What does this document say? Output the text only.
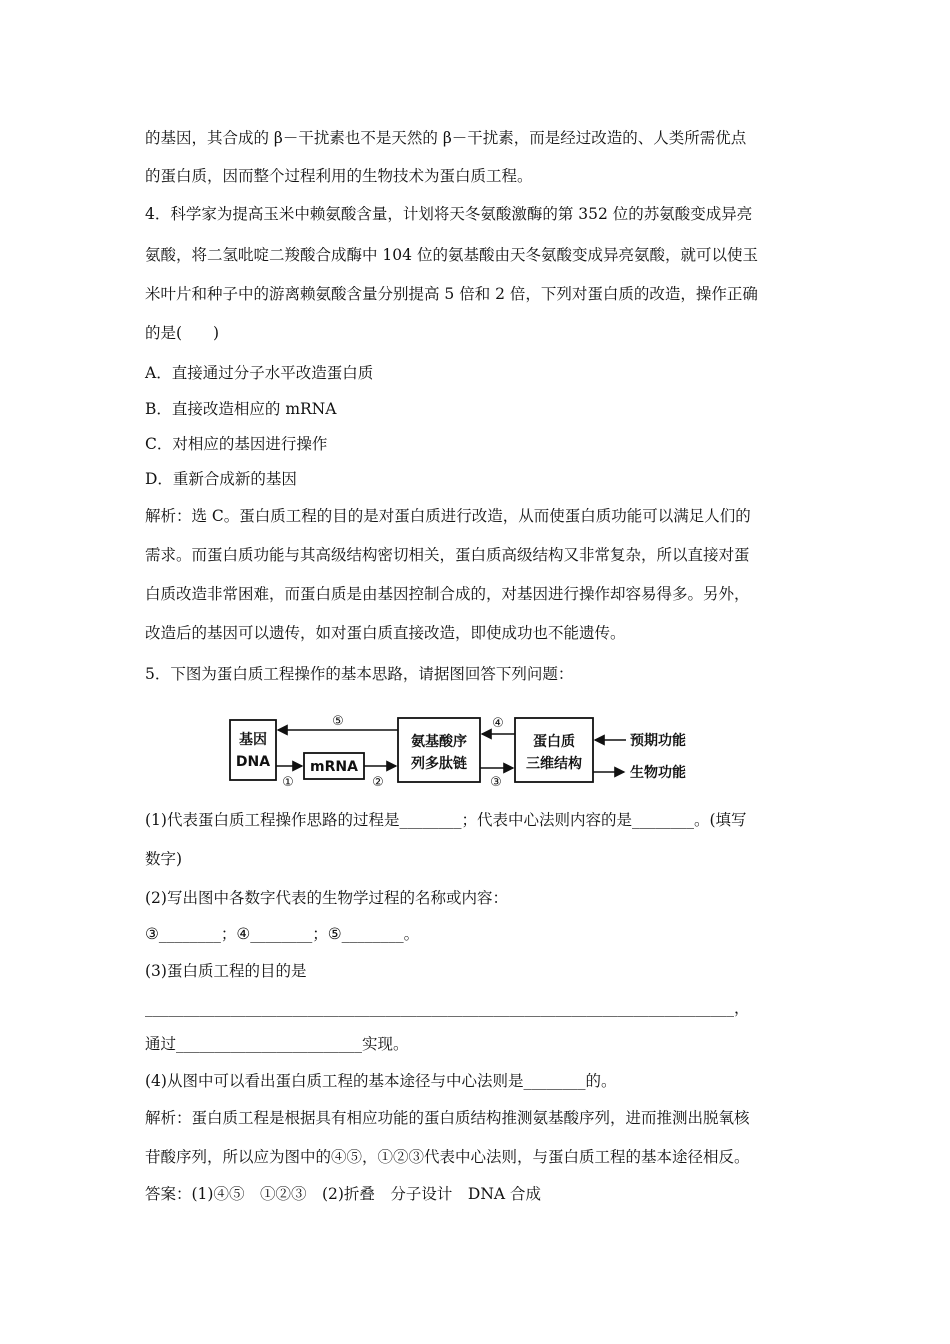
的基因，其合成的 β－干扰素也不是天然的 β－干扰素，而是经过改造的、人类所需优点
的蛋白质，因而整个过程利用的生物技术为蛋白质工程。
4．科学家为提高玉米中赖氨酸含量，计划将天冬氨酸激酶的第 352 位的苏氨酸变成异亮
氨酸，将二氢吡啶二羧酸合成酶中 104 位的氨基酸由天冬氨酸变成异亮氨酸，就可以使玉
米叶片和种子中的游离赖氨酸含量分别提高 5 倍和 2 倍，下列对蛋白质的改造，操作正确
的是(　　)
A．直接通过分子水平改造蛋白质
B．直接改造相应的 mRNA
C．对相应的基因进行操作
D．重新合成新的基因
解析：选 C。蛋白质工程的目的是对蛋白质进行改造，从而使蛋白质功能可以满足人们的
需求。而蛋白质功能与其高级结构密切相关，蛋白质高级结构又非常复杂，所以直接对蛋
白质改造非常困难，而蛋白质是由基因控制合成的，对基因进行操作却容易得多。另外，
改造后的基因可以遗传，如对蛋白质直接改造，即使成功也不能遗传。
5．下图为蛋白质工程操作的基本思路，请据图回答下列问题：
基因
DNA	mRNA
氨基酸序
列多肽链
蛋白质
三维结构
⑤
①	②
④
③
预期功能
生物功能
(1)代表蛋白质工程操作思路的过程是________；代表中心法则内容的是________。(填写
数字)
(2)写出图中各数字代表的生物学过程的名称或内容：
③________；④________；⑤________。
(3)蛋白质工程的目的是
____________________________________________________________________________，
通过________________________实现。
(4)从图中可以看出蛋白质工程的基本途径与中心法则是________的。
解析：蛋白质工程是根据具有相应功能的蛋白质结构推测氨基酸序列，进而推测出脱氧核
苷酸序列，所以应为图中的④⑤，①②③代表中心法则，与蛋白质工程的基本途径相反。
答案：(1)④⑤　①②③　(2)折叠　分子设计　DNA 合成
